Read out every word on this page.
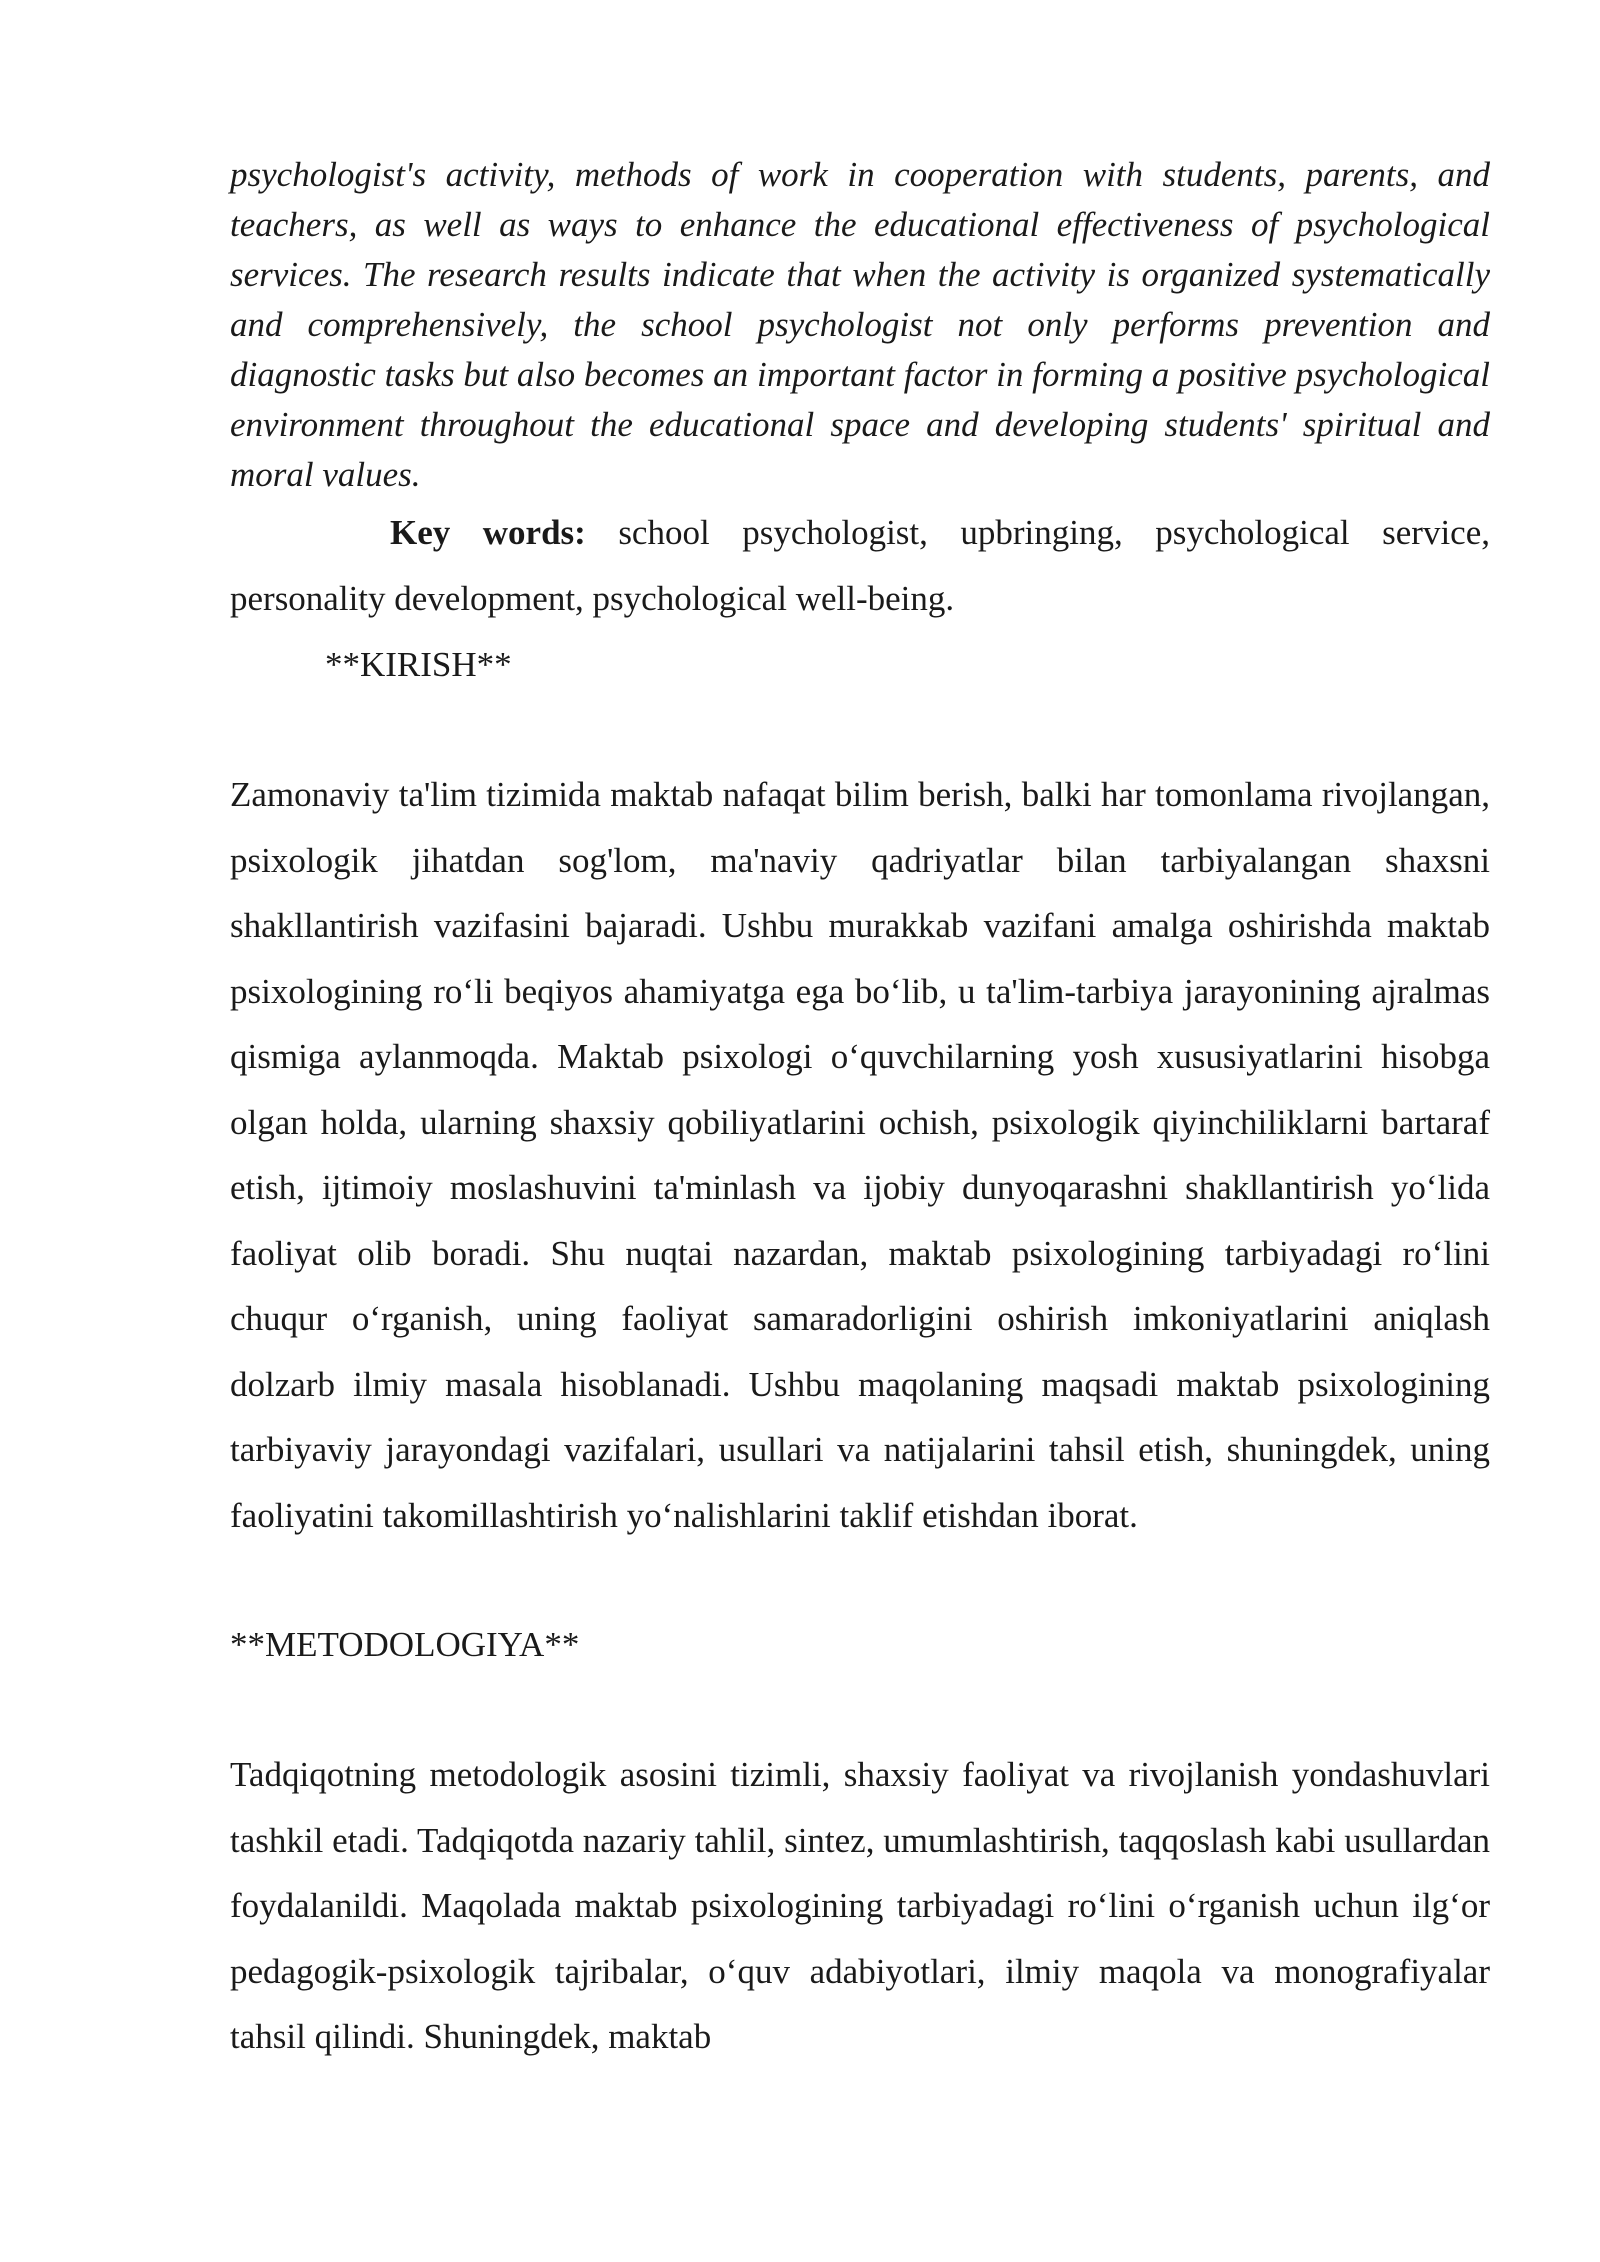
psychologist's activity, methods of work in cooperation with students, parents, and teachers, as well as ways to enhance the educational effectiveness of psychological services. The research results indicate that when the activity is organized systematically and comprehensively, the school psychologist not only performs prevention and diagnostic tasks but also becomes an important factor in forming a positive psychological environment throughout the educational space and developing students' spiritual and moral values.

Key words: school psychologist, upbringing, psychological service, personality development, psychological well-being.

**KIRISH**

Zamonaviy ta'lim tizimida maktab nafaqat bilim berish, balki har tomonlama rivojlangan, psixologik jihatdan sog'lom, ma'naviy qadriyatlar bilan tarbiyalangan shaxsni shakllantirish vazifasini bajaradi. Ushbu murakkab vazifani amalga oshirishda maktab psixologining roʻli beqiyos ahamiyatga ega boʻlib, u ta'lim-tarbiya jarayonining ajralmas qismiga aylanmoqda. Maktab psixologi oʻquvchilarning yosh xususiyatlarini hisobga olgan holda, ularning shaxsiy qobiliyatlarini ochish, psixologik qiyinchiliklarni bartaraf etish, ijtimoiy moslashuvini ta'minlash va ijobiy dunyoqarashni shakllantirish yoʻlida faoliyat olib boradi. Shu nuqtai nazardan, maktab psixologining tarbiyadagi roʻlini chuqur oʻrganish, uning faoliyat samaradorligini oshirish imkoniyatlarini aniqlash dolzarb ilmiy masala hisoblanadi. Ushbu maqolaning maqsadi maktab psixologining tarbiyaviy jarayondagi vazifalari, usullari va natijalarini tahsil etish, shuningdek, uning faoliyatini takomillashtirish yoʻnalishlarini taklif etishdan iborat.

**METODOLOGIYA**

Tadqiqotning metodologik asosini tizimli, shaxsiy faoliyat va rivojlanish yondashuvlari tashkil etadi. Tadqiqotda nazariy tahlil, sintez, umumlashtirish, taqqoslash kabi usullardan foydalanildi. Maqolada maktab psixologining tarbiyadagi roʻlini oʻrganish uchun ilgʻor pedagogik-psixologik tajribalar, oʻquv adabiyotlari, ilmiy maqola va monografiyalar tahsil qilindi. Shuningdek, maktab
